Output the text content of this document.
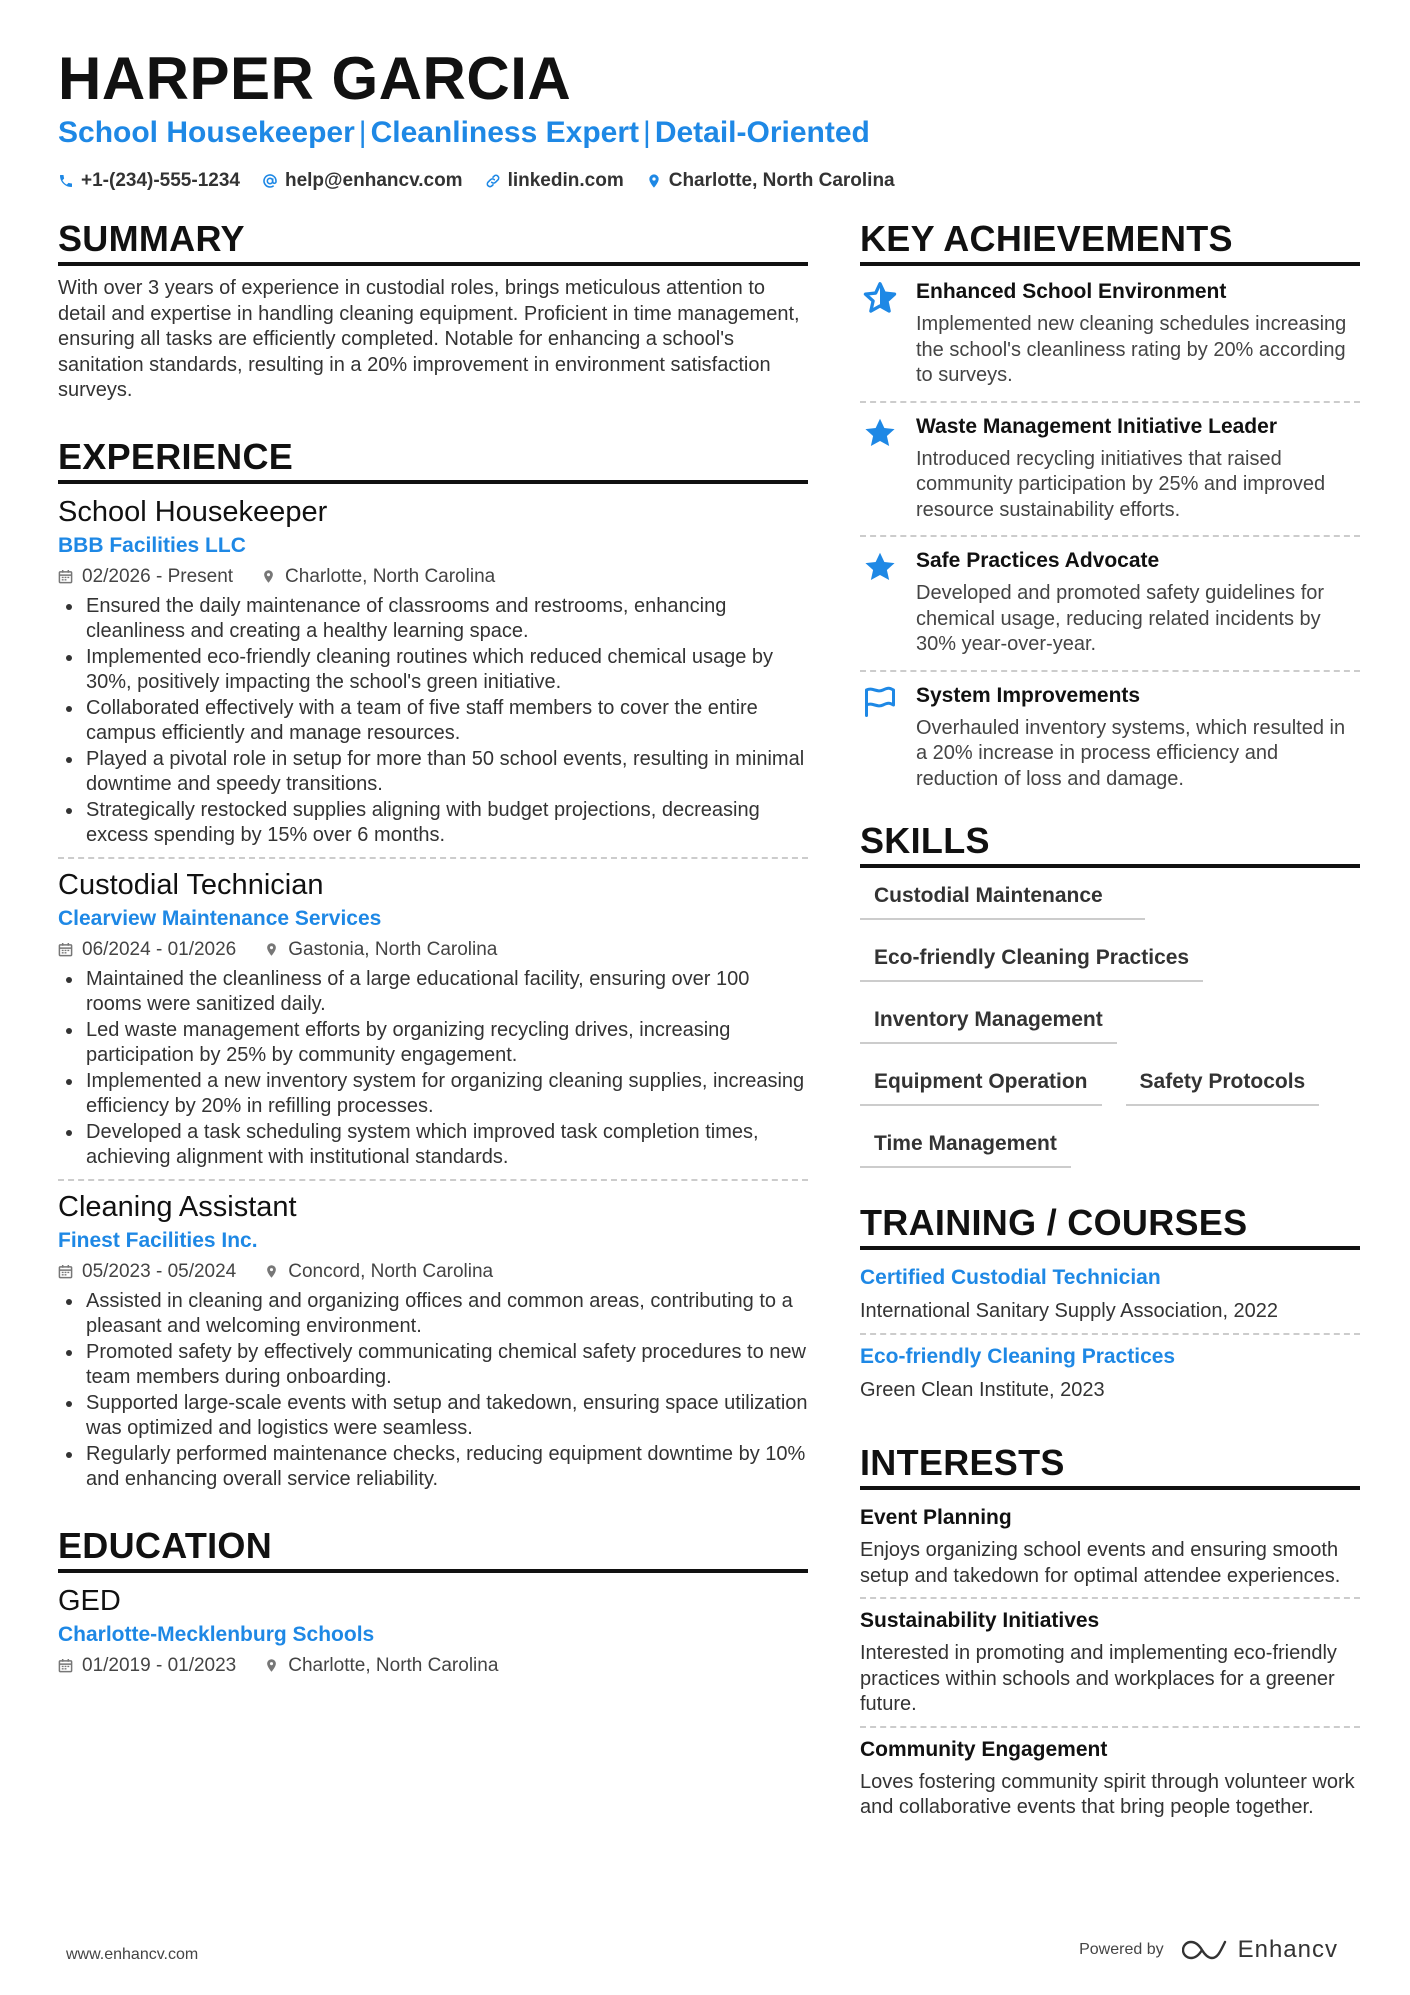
HARPER GARCIA
School Housekeeper | Cleanliness Expert | Detail-Oriented
+1-(234)-555-1234 help@enhancv.com linkedin.com Charlotte, North Carolina
SUMMARY

With over 3 years of experience in custodial roles, brings meticulous attention to detail and expertise in handling cleaning equipment. Proficient in time management, ensuring all tasks are efficiently completed. Notable for enhancing a school's sanitation standards, resulting in a 20% improvement in environment satisfaction surveys.

EXPERIENCE
School Housekeeper
BBB Facilities LLC
02/2026 - Present	Charlotte, North Carolina
Ensured the daily maintenance of classrooms and restrooms, enhancing cleanliness and creating a healthy learning space.
Implemented eco-friendly cleaning routines which reduced chemical usage by 30%, positively impacting the school's green initiative.
Collaborated effectively with a team of five staff members to cover the entire campus efficiently and manage resources.
Played a pivotal role in setup for more than 50 school events, resulting in minimal downtime and speedy transitions.
Strategically restocked supplies aligning with budget projections, decreasing excess spending by 15% over 6 months.
Custodial Technician
Clearview Maintenance Services
06/2024 - 01/2026	Gastonia, North Carolina
Maintained the cleanliness of a large educational facility, ensuring over 100 rooms were sanitized daily.
Led waste management efforts by organizing recycling drives, increasing participation by 25% by community engagement.
Implemented a new inventory system for organizing cleaning supplies, increasing efficiency by 20% in refilling processes.
Developed a task scheduling system which improved task completion times, achieving alignment with institutional standards.
Cleaning Assistant
Finest Facilities Inc.
05/2023 - 05/2024	Concord, North Carolina
Assisted in cleaning and organizing offices and common areas, contributing to a pleasant and welcoming environment.
Promoted safety by effectively communicating chemical safety procedures to new team members during onboarding.
Supported large-scale events with setup and takedown, ensuring space utilization was optimized and logistics were seamless.
Regularly performed maintenance checks, reducing equipment downtime by 10% and enhancing overall service reliability.
EDUCATION
GED
Charlotte-Mecklenburg Schools
01/2019 - 01/2023	Charlotte, North Carolina
KEY ACHIEVEMENTS
Enhanced School Environment
Implemented new cleaning schedules increasing the school's cleanliness rating by 20% according to surveys.
Waste Management Initiative Leader
Introduced recycling initiatives that raised community participation by 25% and improved resource sustainability efforts.
Safe Practices Advocate
Developed and promoted safety guidelines for chemical usage, reducing related incidents by 30% year-over-year.
System Improvements
Overhauled inventory systems, which resulted in a 20% increase in process efficiency and reduction of loss and damage.
SKILLS
Custodial Maintenance
Eco-friendly Cleaning Practices
Inventory Management
Equipment Operation	Safety Protocols
Time Management
TRAINING / COURSES
Certified Custodial Technician
International Sanitary Supply Association, 2022
Eco-friendly Cleaning Practices
Green Clean Institute, 2023
INTERESTS
Event Planning
Enjoys organizing school events and ensuring smooth setup and takedown for optimal attendee experiences.
Sustainability Initiatives
Interested in promoting and implementing eco-friendly practices within schools and workplaces for a greener future.
Community Engagement
Loves fostering community spirit through volunteer work and collaborative events that bring people together.
www.enhancv.com	Powered by	Enhancv
